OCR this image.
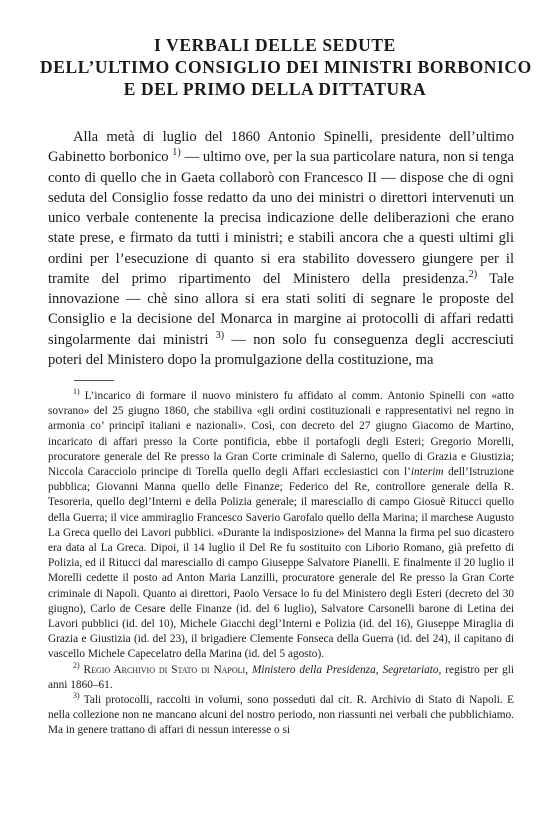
I VERBALI DELLE SEDUTE
DELL’ULTIMO CONSIGLIO DEI MINISTRI BORBONICO
E DEL PRIMO DELLA DITTATURA

Alla metà di luglio del 1860 Antonio Spinelli, presidente dell’ultimo Gabinetto borbonico $^{1)}$ — ultimo ove, per la sua particolare natura, non si tenga conto di quello che in Gaeta collaborò con Francesco II — dispose che di ogni seduta del Consiglio fosse redatto da uno dei ministri o direttori intervenuti un unico verbale contenente la precisa indicazione delle deliberazioni che erano state prese, e firmato da tutti i ministri; e stabilì ancora che a questi ultimi gli ordini per l’esecuzione di quanto si era stabilito dovessero giungere per il tramite del primo ripartimento del Ministero della presidenza.$^{2)}$ Tale innovazione — chè sino allora si era stati soliti di segnare le proposte del Consiglio e la decisione del Monarca in margine ai protocolli di affari redatti singolarmente dai ministri $^{3)}$ — non solo fu conseguenza degli accresciuti poteri del Ministero dopo la promulgazione della costituzione, ma

$^{1)}$ L’incarico di formare il nuovo ministero fu affidato al comm. Antonio Spinelli con «atto sovrano» del 25 giugno 1860, che stabiliva «gli ordini costituzionali e rappresentativi nel regno in armonia co’ principî italiani e nazionali». Così, con decreto del 27 giugno Giacomo de Martino, incaricato di affari presso la Corte pontificia, ebbe il portafogli degli Esteri; Gregorio Morelli, procuratore generale del Re presso la Gran Corte criminale di Salerno, quello di Grazia e Giustizia; Niccola Caracciolo principe di Torella quello degli Affari ecclesiastici con l’interim dell’Istruzione pubblica; Giovanni Manna quello delle Finanze; Federico del Re, controllore generale della R. Tesoreria, quello degl’Interni e della Polizia generale; il maresciallo di campo Giosuè Ritucci quello della Guerra; il vice ammiraglio Francesco Saverio Garofalo quello della Marina; il marchese Augusto La Greca quello dei Lavori pubblici. «Durante la indisposizione» del Manna la firma pel suo dicastero era data al La Greca. Dipoi, il 14 luglio il Del Re fu sostituito con Liborio Romano, già prefetto di Polizia, ed il Ritucci dal maresciallo di campo Giuseppe Salvatore Pianelli. E finalmente il 20 luglio il Morelli cedette il posto ad Anton Maria Lanzilli, procuratore generale del Re presso la Gran Corte criminale di Napoli. Quanto ai direttori, Paolo Versace lo fu del Ministero degli Esteri (decreto del 30 giugno), Carlo de Cesare delle Finanze (id. del 6 luglio), Salvatore Carsonelli barone di Letina dei Lavori pubblici (id. del 10), Michele Giacchi degl’Interni e Polizia (id. del 16), Giuseppe Miraglia di Grazia e Giustizia (id. del 23), il brigadiere Clemente Fonseca della Guerra (id. del 24), il capitano di vascello Michele Capecelatro della Marina (id. del 5 agosto).

$^{2)}$ Regio Archivio di Stato di Napoli, Ministero della Presidenza, Segretariato, registro per gli anni 1860–61.

$^{3)}$ Tali protocolli, raccolti in volumi, sono posseduti dal cit. R. Archivio di Stato di Napoli. E nella collezione non ne mancano alcuni del nostro periodo, non riassunti nei verbali che pubblichiamo. Ma in genere trattano di affari di nessun interesse o si
